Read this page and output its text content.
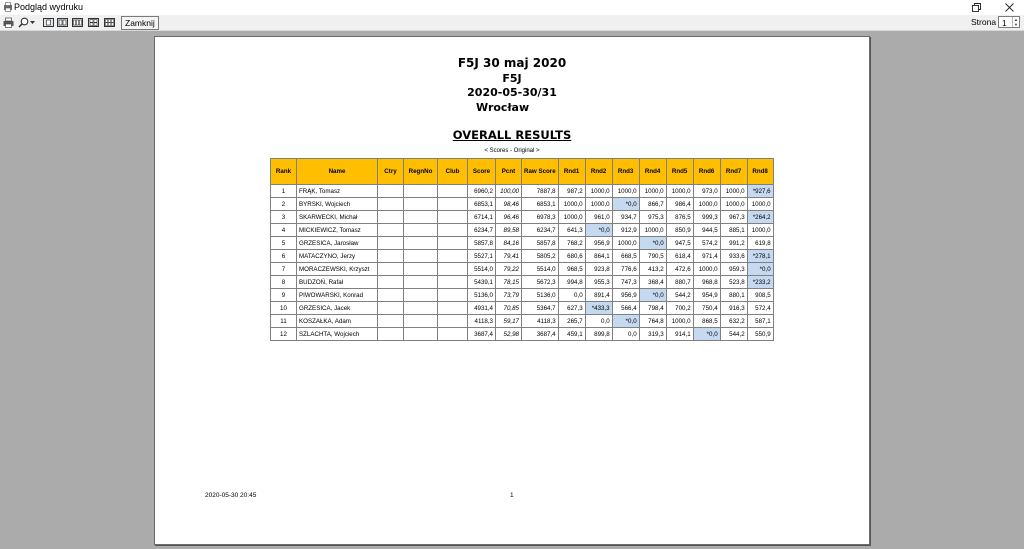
Podgląd wydruku
Zamknij	Strona 1	▲
▼
F5J 30 maj 2020
F5J
2020-05-30/31
Wrocław
OVERALL RESULTS
< Scores - Original >
Rank	Name	Ctry	RegnNo	Club	Score	Pcnt	Raw Score	Rnd1	Rnd2	Rnd3	Rnd4	Rnd5	Rnd6	Rnd7	Rnd8
1	FRĄK, Tomasz				6960,2	100,00	7887,8	987,2	1000,0	1000,0	1000,0	1000,0	973,0	1000,0	*927,6
2	BYRSKI, Wojciech				6853,1	98,46	6853,1	1000,0	1000,0	*0,0	866,7	986,4	1000,0	1000,0	1000,0
3	SKARWECKI, Michał				6714,1	96,46	6978,3	1000,0	961,0	934,7	975,3	876,5	999,3	967,3	*264,2
4	MICKIEWICZ, Tomasz				6234,7	89,58	6234,7	641,3	*0,0	912,9	1000,0	850,9	944,5	885,1	1000,0
5	GRZESICA, Jarosław				5857,8	84,16	5857,8	768,2	956,9	1000,0	*0,0	947,5	574,2	991,2	619,8
6	MATACZYNO, Jerzy				5527,1	79,41	5805,2	680,6	864,1	668,5	790,5	618,4	971,4	933,6	*278,1
7	MORACZEWSKI, Krzyszt				5514,0	79,22	5514,0	968,5	923,8	776,6	413,2	472,6	1000,0	959,3	*0,0
8	BUDZOŃ, Rafał				5439,1	78,15	5672,3	994,8	955,3	747,3	368,4	880,7	968,8	523,8	*233,2
9	PIWOWARSKI, Konrad				5136,0	73,79	5136,0	0,0	891,4	956,9	*0,0	544,2	954,9	880,1	908,5
10	GRZESICA, Jacek				4931,4	70,85	5364,7	627,3	*433,3	566,4	798,4	700,2	750,4	916,3	572,4
11	KOSZAŁKA, Adam				4118,3	59,17	4118,3	265,7	0,0	*0,0	764,8	1000,0	868,5	632,2	587,1
12	SZLACHTA, Wojciech				3687,4	52,98	3687,4	459,1	899,8	0,0	319,3	914,1	*0,0	544,2	550,9
2020-05-30 20:45	1
